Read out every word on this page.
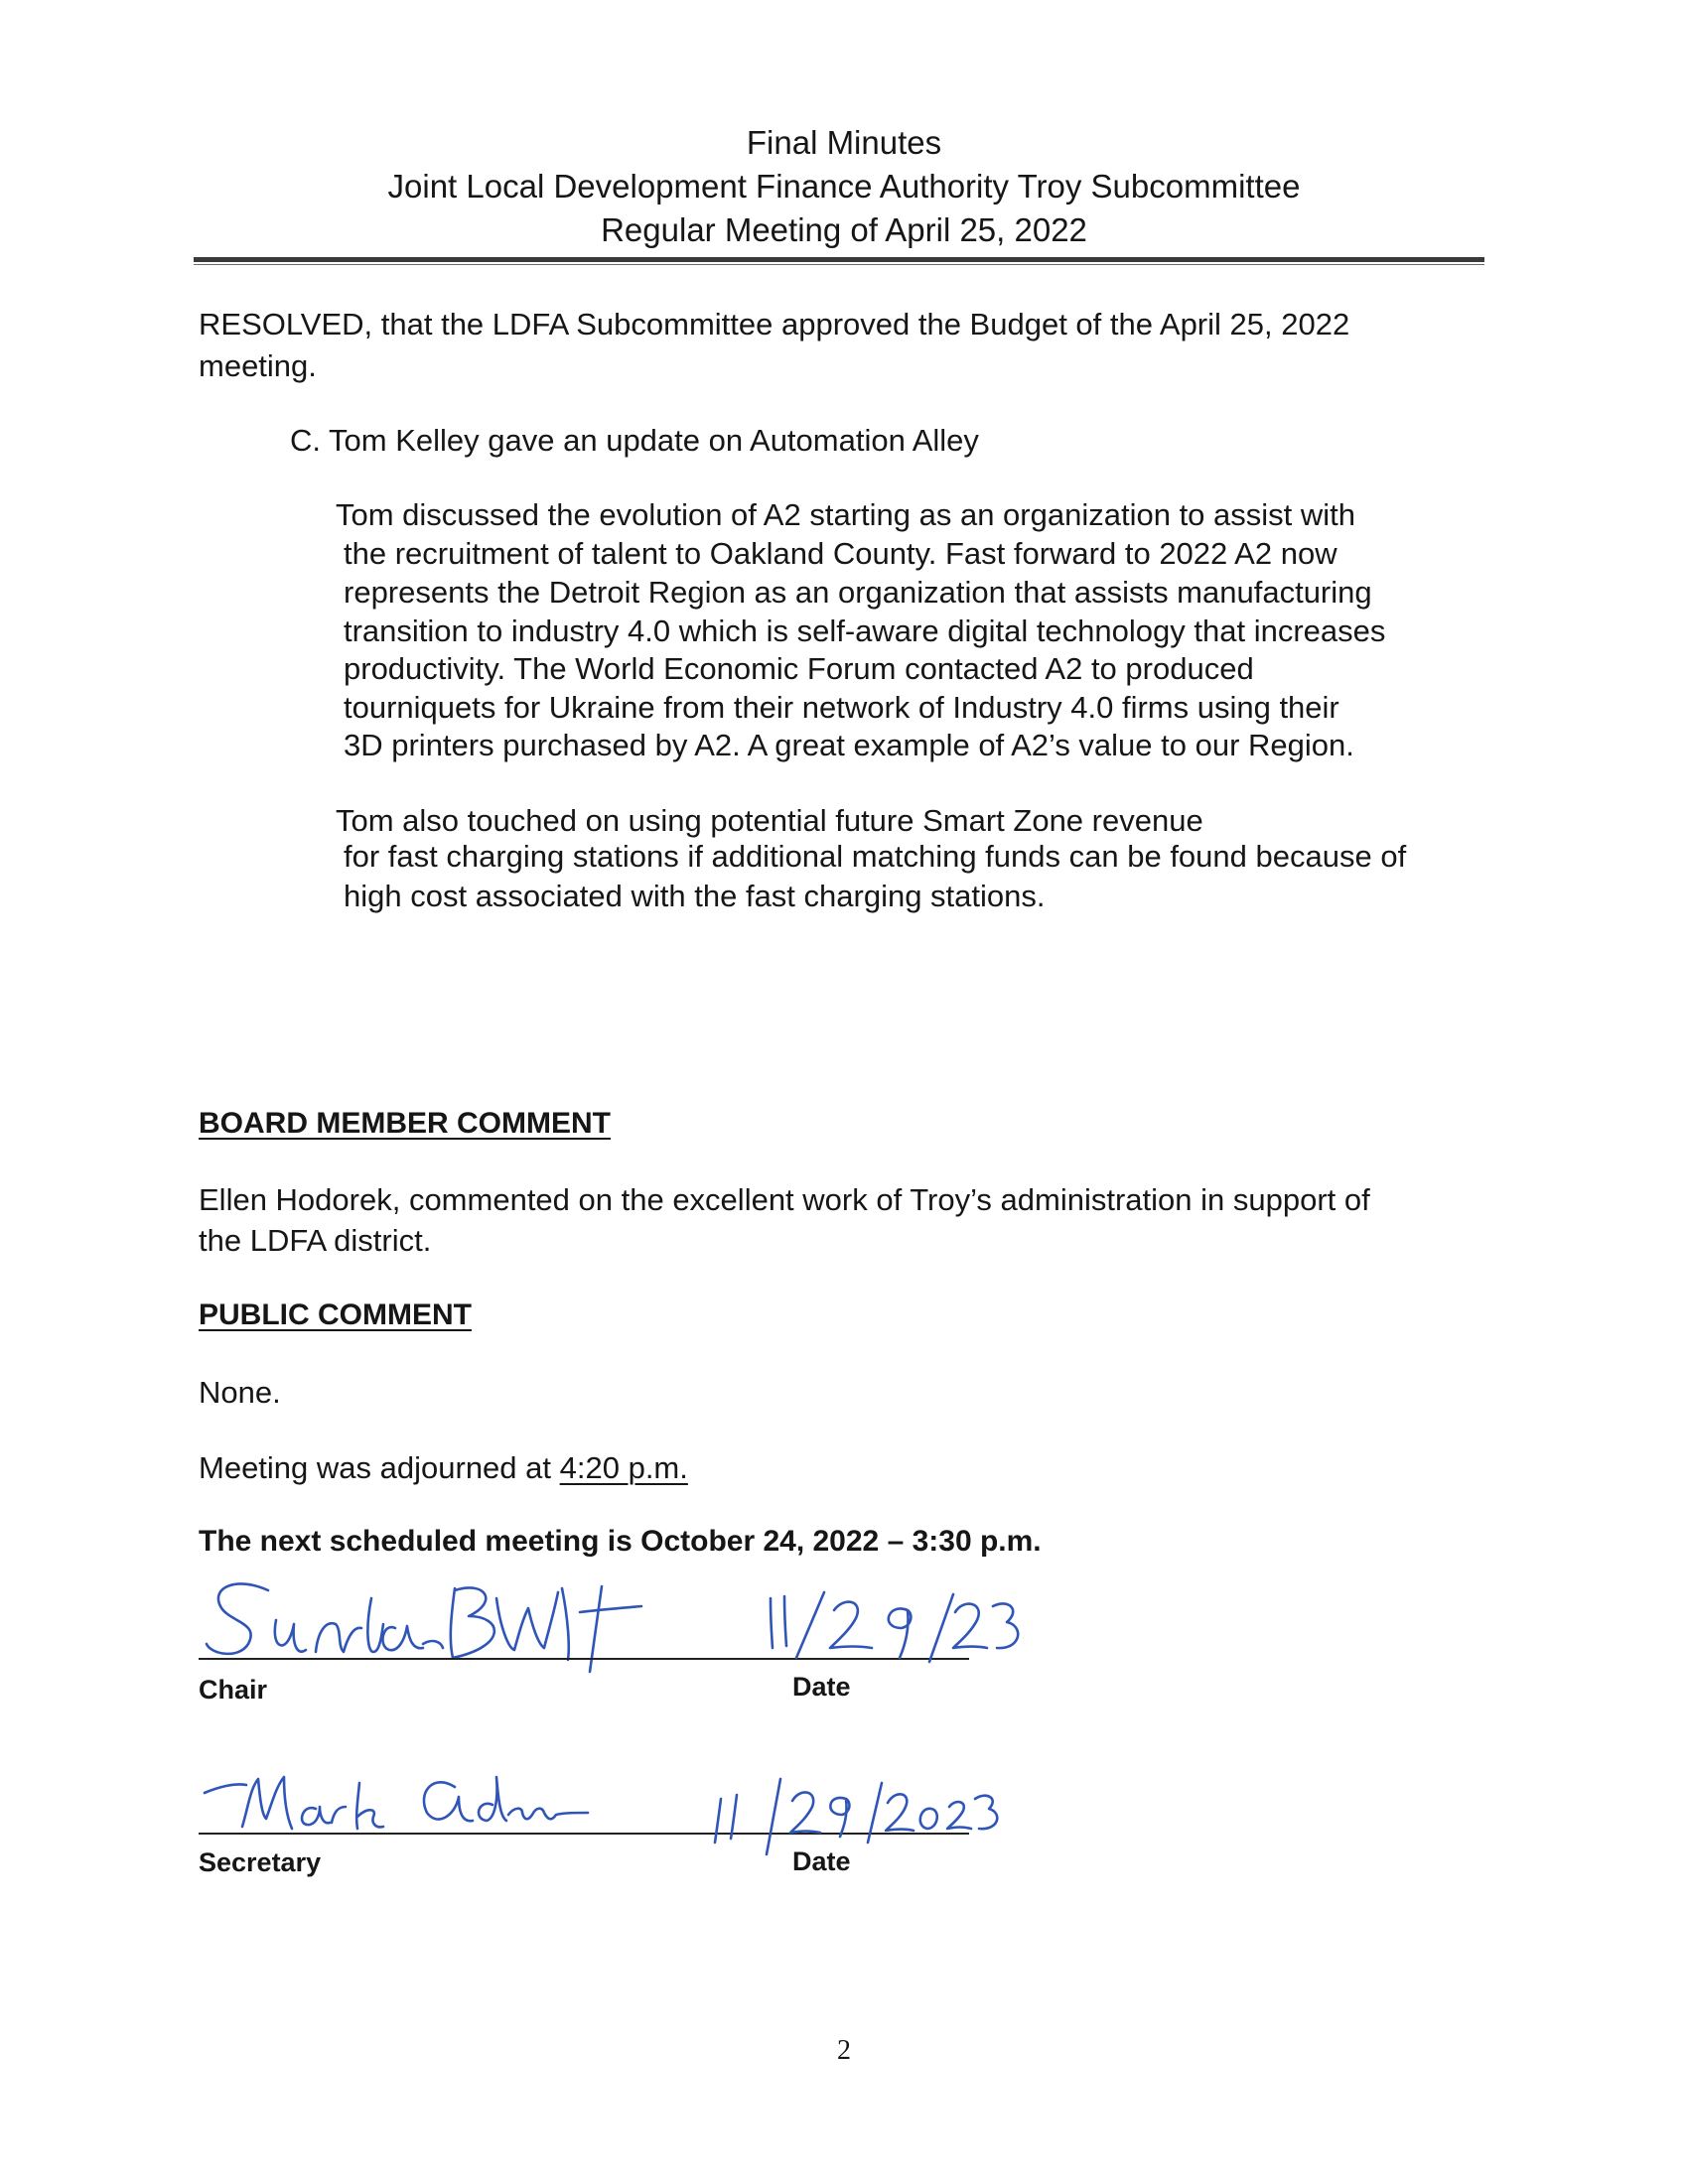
Final Minutes

Joint Local Development Finance Authority Troy Subcommittee

Regular Meeting of April 25, 2022

RESOLVED, that the LDFA Subcommittee approved the Budget of the April 25, 2022

meeting.

C. Tom Kelley gave an update on Automation Alley

Tom discussed the evolution of A2 starting as an organization to assist with

the recruitment of talent to Oakland County. Fast forward to 2022 A2 now

represents the Detroit Region as an organization that assists manufacturing

transition to industry 4.0 which is self-aware digital technology that increases

productivity. The World Economic Forum contacted A2 to produced

tourniquets for Ukraine from their network of Industry 4.0 firms using their

3D printers purchased by A2. A great example of A2’s value to our Region.

Tom also touched on using potential future Smart Zone revenue

for fast charging stations if additional matching funds can be found because of

high cost associated with the fast charging stations.

BOARD MEMBER COMMENT

Ellen Hodorek, commented on the excellent work of Troy’s administration in support of

the LDFA district.

PUBLIC COMMENT

None.

Meeting was adjourned at 4:20 p.m.

The next scheduled meeting is October 24, 2022 – 3:30 p.m.

Chair	Date

Secretary	Date

2
